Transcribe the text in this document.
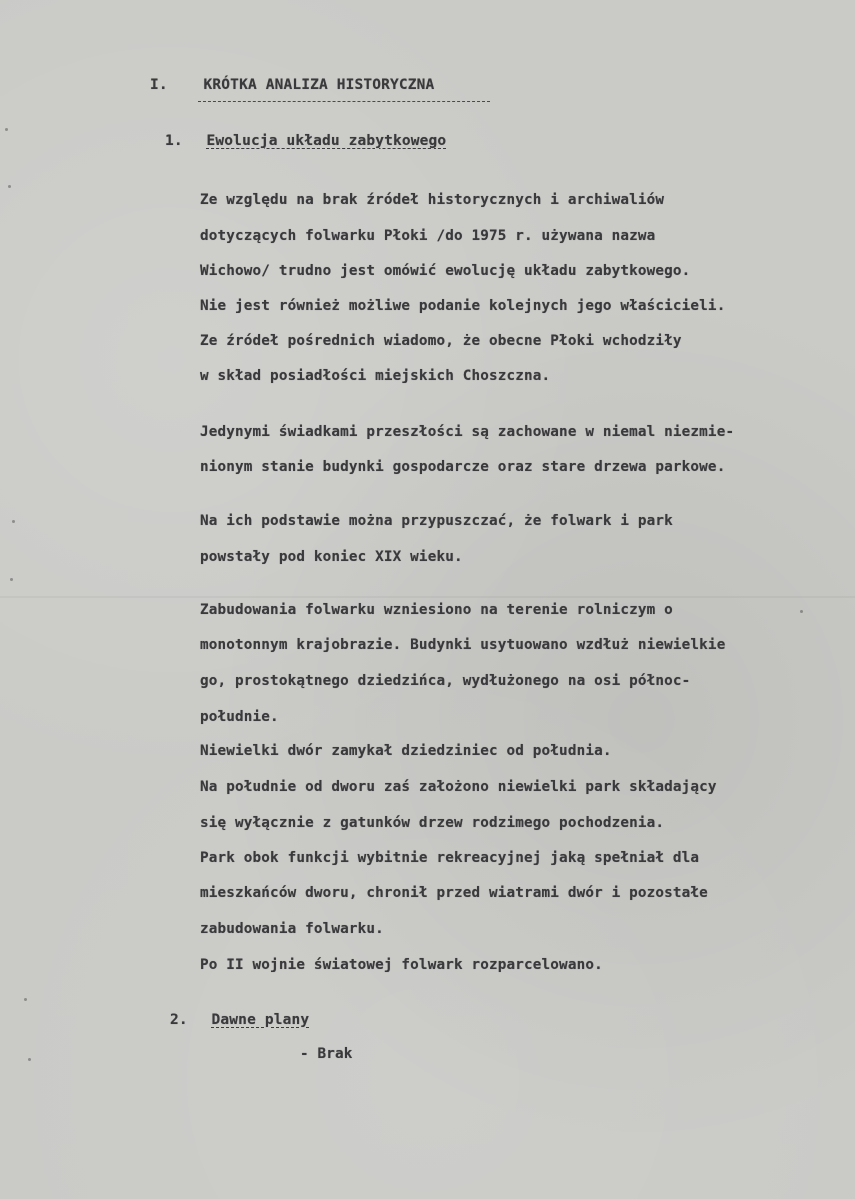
I. KRÓTKA ANALIZA HISTORYCZNA
1. Ewolucja układu zabytkowego
Ze względu na brak źródeł historycznych i archiwaliów
dotyczących folwarku Płoki /do 1975 r. używana nazwa
Wichowo/ trudno jest omówić ewolucję układu zabytkowego.
Nie jest również możliwe podanie kolejnych jego właścicieli.
Ze źródeł pośrednich wiadomo, że obecne Płoki wchodziły
w skład posiadłości miejskich Choszczna.
Jedynymi świadkami przeszłości są zachowane w niemal niezmie-
nionym stanie budynki gospodarcze oraz stare drzewa parkowe.
Na ich podstawie można przypuszczać, że folwark i park
powstały pod koniec XIX wieku.
Zabudowania folwarku wzniesiono na terenie rolniczym o
monotonnym krajobrazie. Budynki usytuowano wzdłuż niewielkie
go, prostokątnego dziedzińca, wydłużonego na osi północ-
południe.
Niewielki dwór zamykał dziedziniec od południa.
Na południe od dworu zaś założono niewielki park składający
się wyłącznie z gatunków drzew rodzimego pochodzenia.
Park obok funkcji wybitnie rekreacyjnej jaką spełniał dla
mieszkańców dworu, chronił przed wiatrami dwór i pozostałe
zabudowania folwarku.
Po II wojnie światowej folwark rozparcelowano.
2. Dawne plany
- Brak
